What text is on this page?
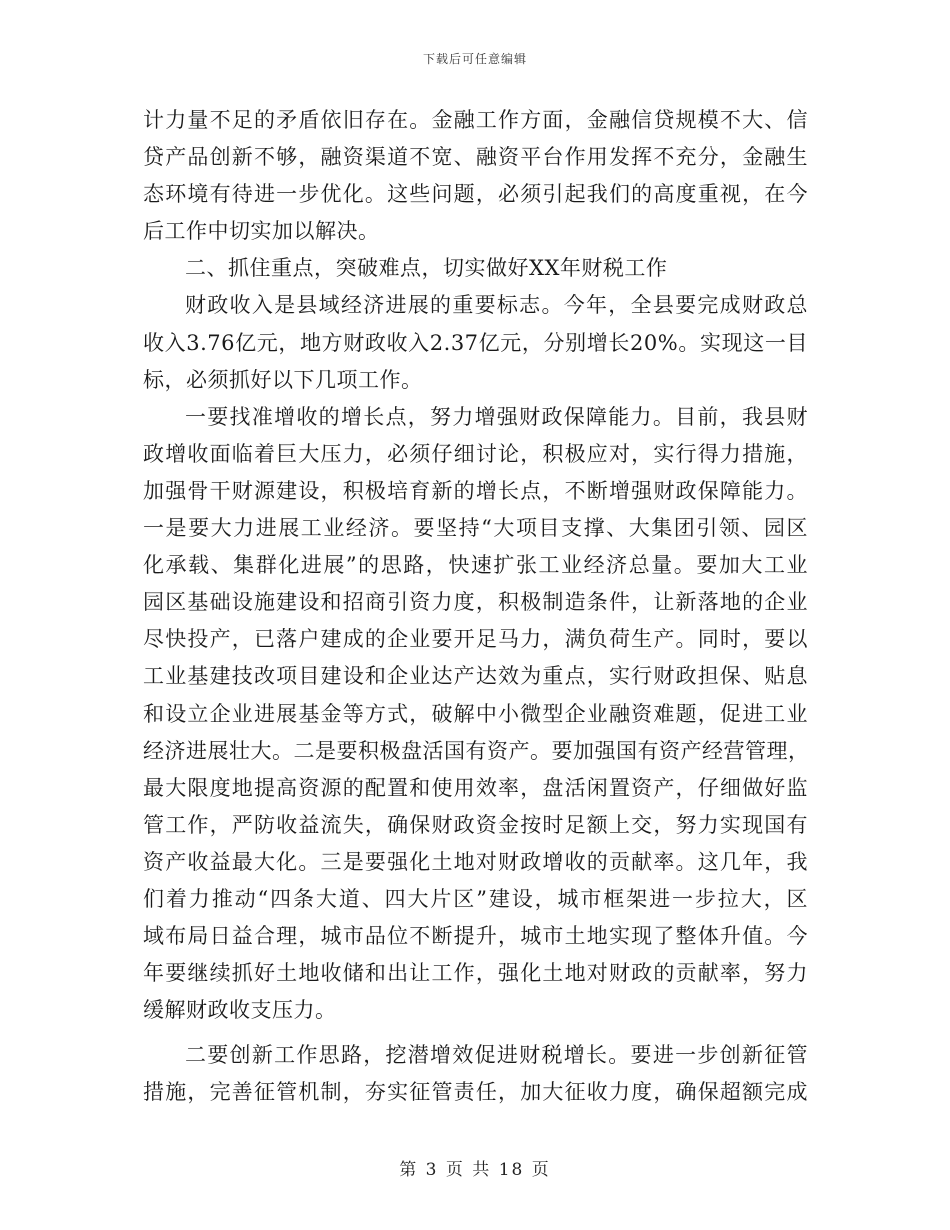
下载后可任意编辑
计力量不足的矛盾依旧存在。金融工作方面，金融信贷规模不大、信
贷产品创新不够，融资渠道不宽、融资平台作用发挥不充分，金融生
态环境有待进一步优化。这些问题，必须引起我们的高度重视，在今
后工作中切实加以解决。
二、抓住重点，突破难点，切实做好XX年财税工作
财政收入是县域经济进展的重要标志。今年，全县要完成财政总
收入3.76亿元，地方财政收入2.37亿元，分别增长20%。实现这一目
标，必须抓好以下几项工作。
一要找准增收的增长点，努力增强财政保障能力。目前，我县财
政增收面临着巨大压力，必须仔细讨论，积极应对，实行得力措施，
加强骨干财源建设，积极培育新的增长点，不断增强财政保障能力。
一是要大力进展工业经济。要坚持“大项目支撑、大集团引领、园区
化承载、集群化进展”的思路，快速扩张工业经济总量。要加大工业
园区基础设施建设和招商引资力度，积极制造条件，让新落地的企业
尽快投产，已落户建成的企业要开足马力，满负荷生产。同时，要以
工业基建技改项目建设和企业达产达效为重点，实行财政担保、贴息
和设立企业进展基金等方式，破解中小微型企业融资难题，促进工业
经济进展壮大。二是要积极盘活国有资产。要加强国有资产经营管理，
最大限度地提高资源的配置和使用效率，盘活闲置资产，仔细做好监
管工作，严防收益流失，确保财政资金按时足额上交，努力实现国有
资产收益最大化。三是要强化土地对财政增收的贡献率。这几年，我
们着力推动“四条大道、四大片区”建设，城市框架进一步拉大，区
域布局日益合理，城市品位不断提升，城市土地实现了整体升值。今
年要继续抓好土地收储和出让工作，强化土地对财政的贡献率，努力
缓解财政收支压力。
二要创新工作思路，挖潜增效促进财税增长。要进一步创新征管
措施，完善征管机制，夯实征管责任，加大征收力度，确保超额完成
第 3 页 共 18 页
